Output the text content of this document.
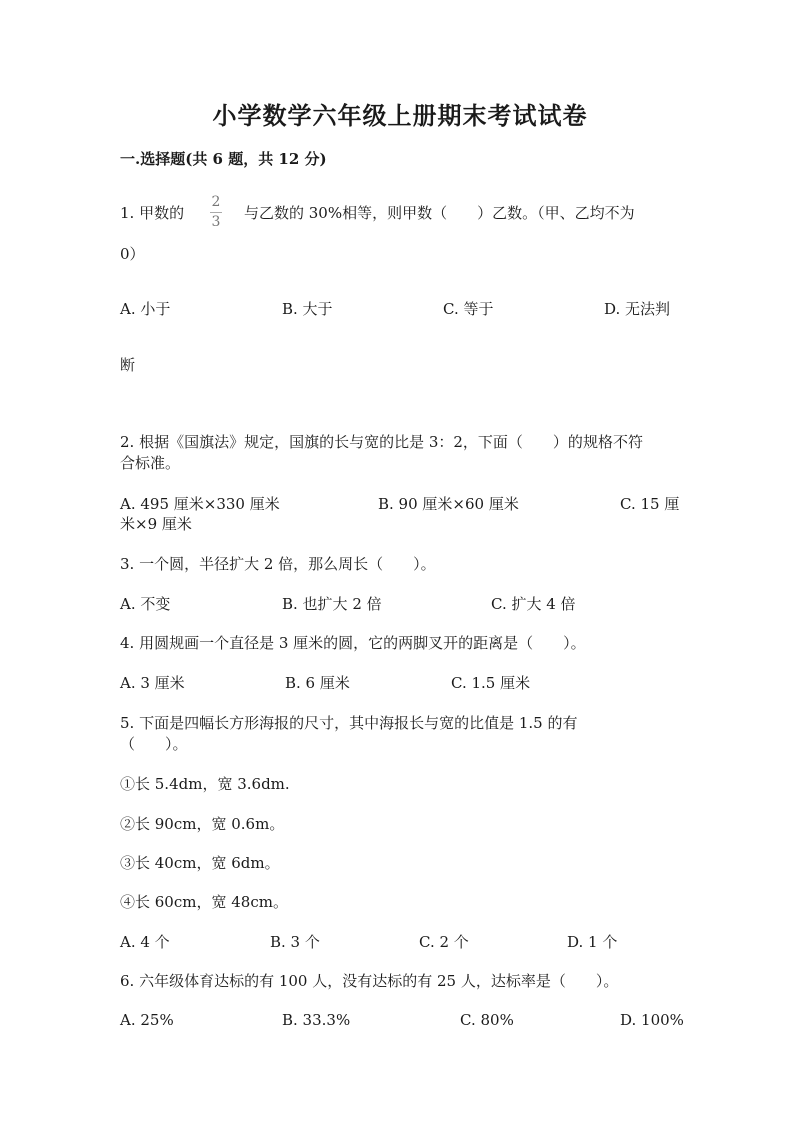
小学数学六年级上册期末考试试卷
一.选择题(共 6 题，共 12 分)
1. 甲数的
2
3	与乙数的 30%相等，则甲数（　　）乙数。（甲、乙均不为
0）
A. 小于	B. 大于	C. 等于	D. 无法判
断
2. 根据《国旗法》规定，国旗的长与宽的比是 3：2，下面（　　）的规格不符
合标准。
A. 495 厘米×330 厘米	B. 90 厘米×60 厘米	C. 15 厘
米×9 厘米
3. 一个圆，半径扩大 2 倍，那么周长（　　）。
A. 不变	B. 也扩大 2 倍	C. 扩大 4 倍
4. 用圆规画一个直径是 3 厘米的圆，它的两脚叉开的距离是（　　）。
A. 3 厘米	B. 6 厘米	C. 1.5 厘米
5. 下面是四幅长方形海报的尺寸，其中海报长与宽的比值是 1.5 的有
（　　）。
①长 5.4dm，宽 3.6dm.
②长 90cm，宽 0.6m。
③长 40cm，宽 6dm。
④长 60cm，宽 48cm。
A. 4 个	B. 3 个	C. 2 个	D. 1 个
6. 六年级体育达标的有 100 人，没有达标的有 25 人，达标率是（　　）。
A. 25%	B. 33.3%	C. 80%	D. 100%
